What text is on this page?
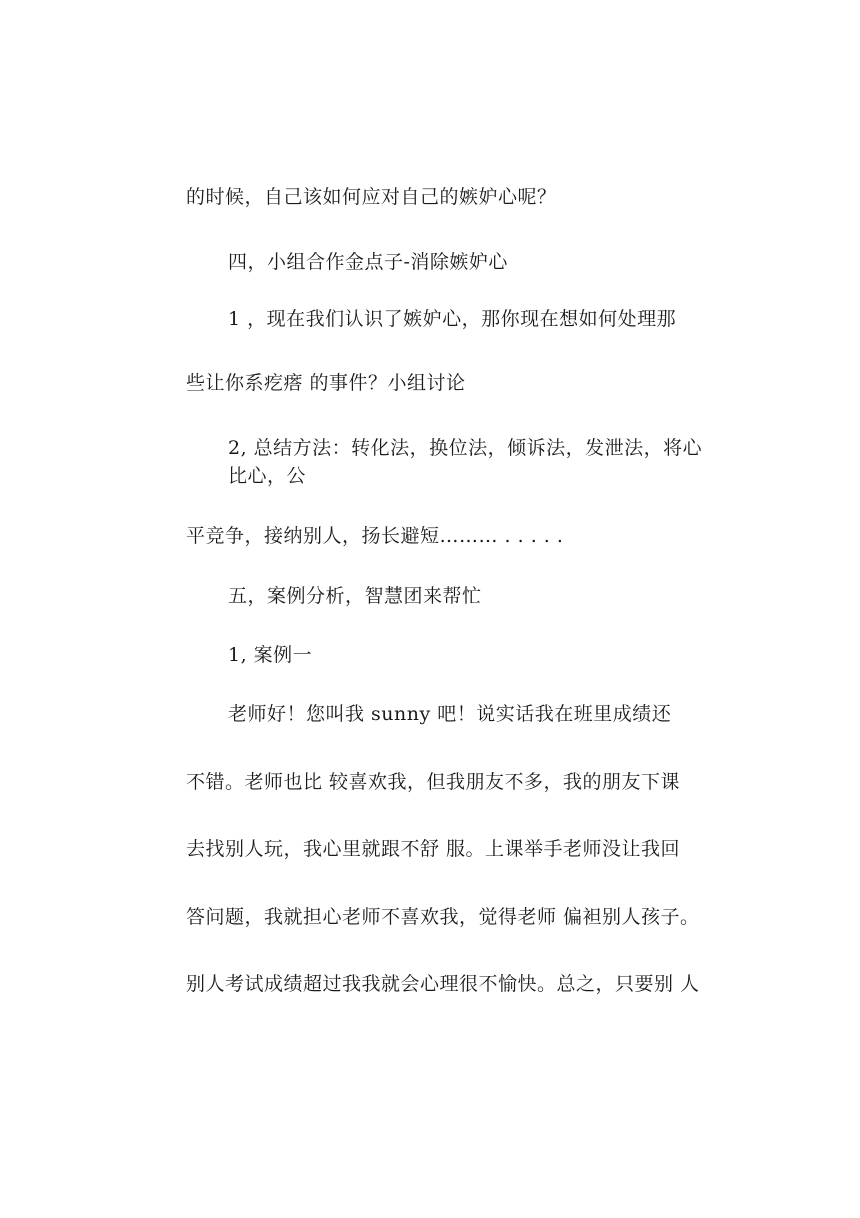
的时候，自己该如何应对自己的嫉妒心呢？
四，小组合作金点子-消除嫉妒心
1 ，现在我们认识了嫉妒心，那你现在想如何处理那
些让你系疙瘩 的事件？小组讨论
2, 总结方法：转化法，换位法，倾诉法，发泄法，将心比心，公
平竞争，接纳别人，扬长避短……… . . . . .
五，案例分析，智慧团来帮忙
1, 案例一
老师好！您叫我 sunny 吧！说实话我在班里成绩还
不错。老师也比 较喜欢我，但我朋友不多，我的朋友下课
去找别人玩，我心里就跟不舒 服。上课举手老师没让我回
答问题，我就担心老师不喜欢我，觉得老师 偏袒别人孩子。
别人考试成绩超过我我就会心理很不愉快。总之，只要别 人
